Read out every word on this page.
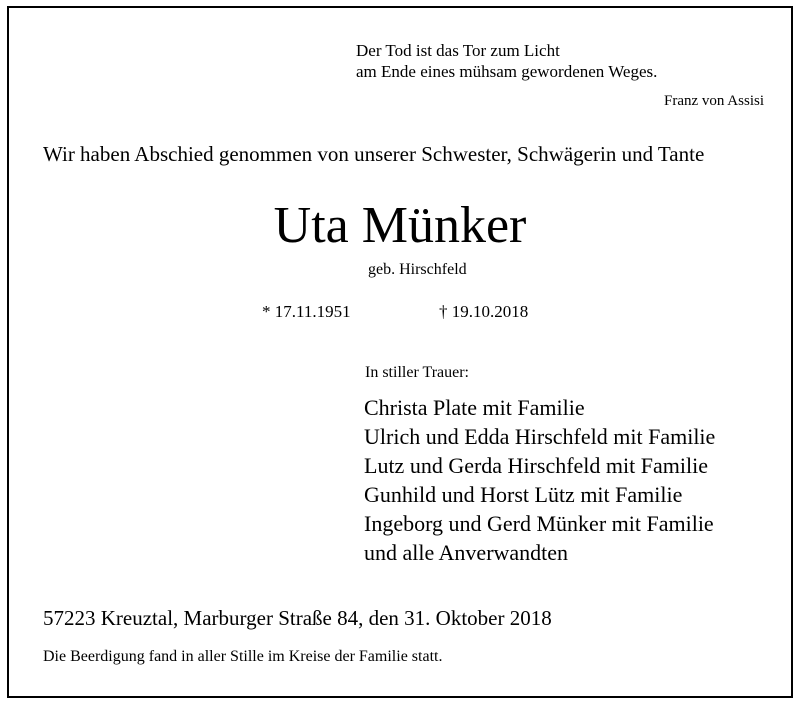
Der Tod ist das Tor zum Licht
am Ende eines mühsam gewordenen Weges.
Franz von Assisi
Wir haben Abschied genommen von unserer Schwester, Schwägerin und Tante
Uta Münker
geb. Hirschfeld
* 17.11.1951	† 19.10.2018
In stiller Trauer:
Christa Plate mit Familie
Ulrich und Edda Hirschfeld mit Familie
Lutz und Gerda Hirschfeld mit Familie
Gunhild und Horst Lütz mit Familie
Ingeborg und Gerd Münker mit Familie
und alle Anverwandten
57223 Kreuztal, Marburger Straße 84, den 31. Oktober 2018
Die Beerdigung fand in aller Stille im Kreise der Familie statt.
